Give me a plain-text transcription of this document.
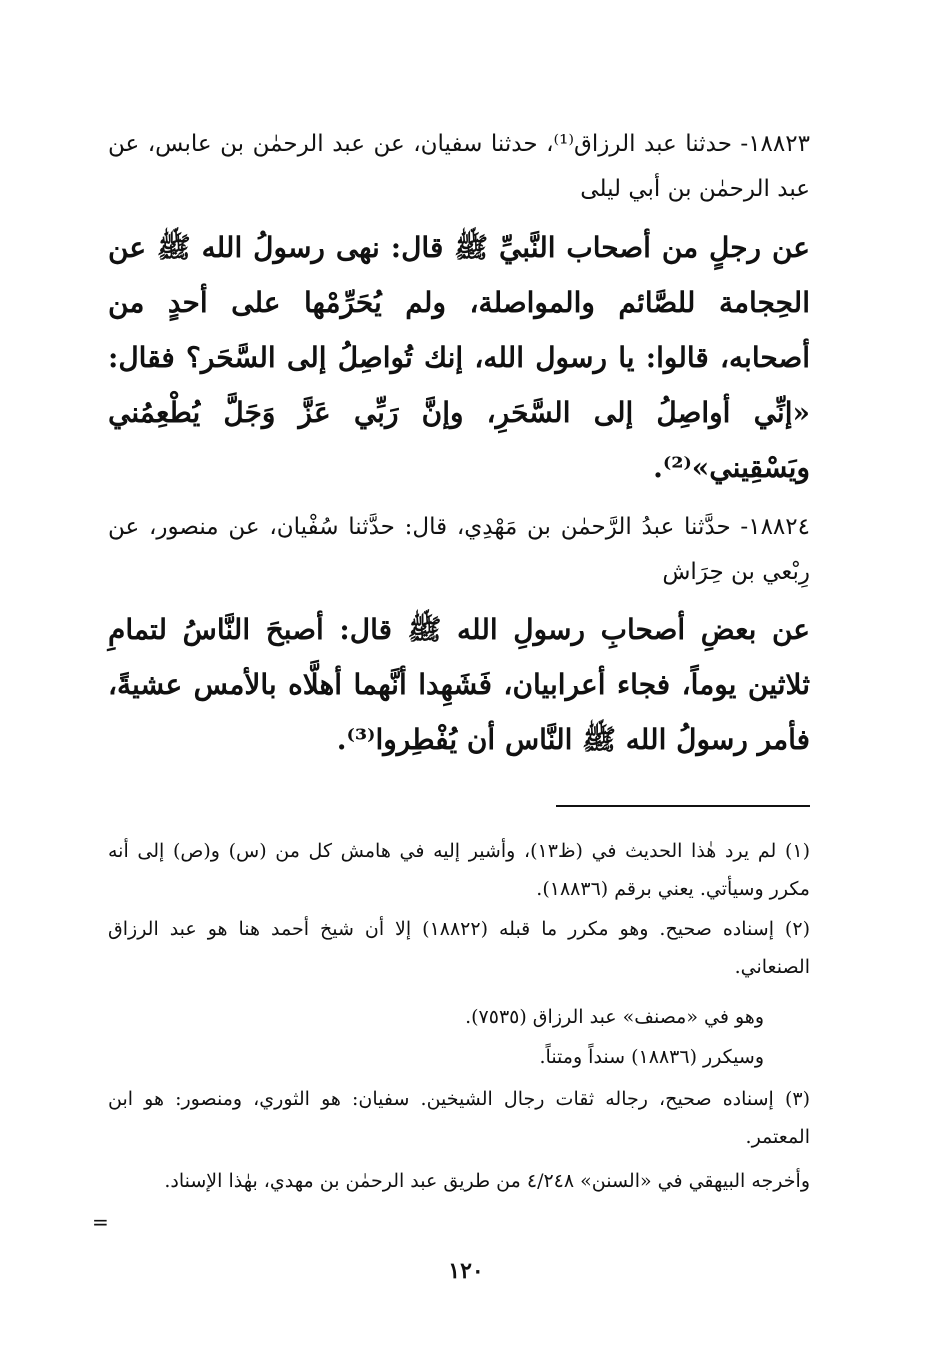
١٨٨٢٣- حدثنا عبد الرزاق⁽¹⁾، حدثنا سفيان، عن عبد الرحمٰن بن عابس، عن عبد الرحمٰن بن أبي ليلى
عن رجلٍ من أصحاب النَّبيِّ ﷺ قال: نهى رسولُ الله ﷺ عن الحِجامة للصَّائم والمواصلة، ولم يُحَرِّمْها على أحدٍ من أصحابه، قالوا: يا رسول الله، إنك تُواصِلُ إلى السَّحَر؟ فقال: «إنِّي أواصِلُ إلى السَّحَرِ، وإنَّ رَبِّي عَزَّ وَجَلَّ يُطْعِمُني ويَسْقِيني»⁽²⁾.
١٨٨٢٤- حدَّثنا عبدُ الرَّحمٰن بن مَهْدِي، قال: حدَّثنا سُفْيان، عن منصور، عن رِبْعي بن حِرَاش
عن بعضِ أصحابِ رسولِ الله ﷺ قال: أصبحَ النَّاسُ لتمامِ ثلاثين يوماً، فجاء أعرابيان، فَشَهِدا أنَّهما أهلَّاه بالأمس عشيةً، فأمر رسولُ الله ﷺ النَّاس أن يُفْطِروا⁽³⁾.
(١) لم يرد هٰذا الحديث في (ظ١٣)، وأشير إليه في هامش كل من (س) و(ص) إلى أنه مكرر وسيأتي. يعني برقم (١٨٨٣٦).
(٢) إسناده صحيح. وهو مكرر ما قبله (١٨٨٢٢) إلا أن شيخ أحمد هنا هو عبد الرزاق الصنعاني.
وهو في «مصنف» عبد الرزاق (٧٥٣٥).
وسيكرر (١٨٨٣٦) سنداً ومتناً.
(٣) إسناده صحيح، رجاله ثقات رجال الشيخين. سفيان: هو الثوري، ومنصور: هو ابن المعتمر.
وأخرجه البيهقي في «السنن» ٤/٢٤٨ من طريق عبد الرحمٰن بن مهدي، بهٰذا الإسناد.
=
١٢٠
